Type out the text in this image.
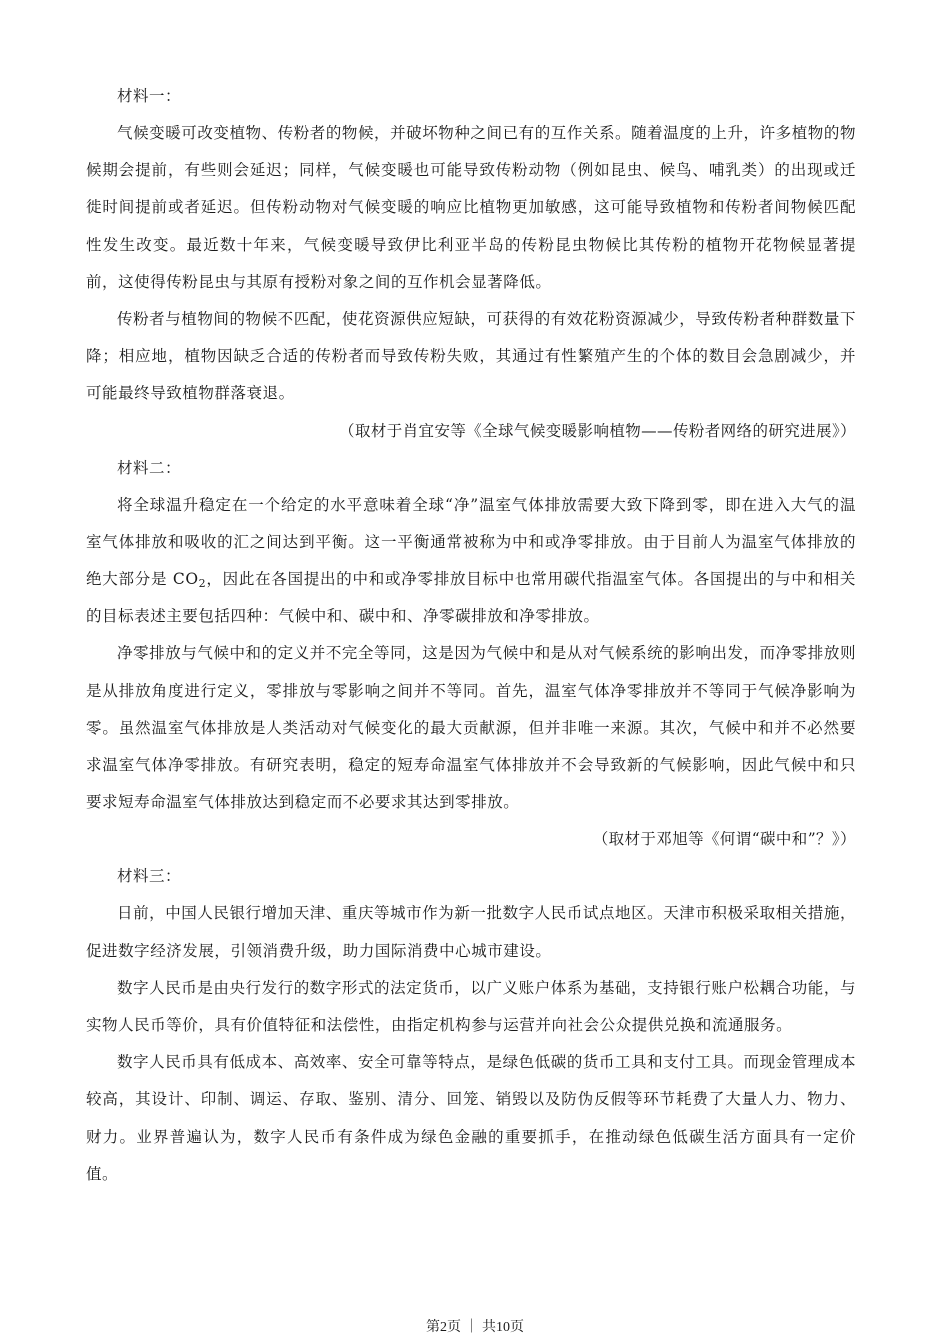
材料一：

气候变暖可改变植物、传粉者的物候，并破坏物种之间已有的互作关系。随着温度的上升，许多植物的物候期会提前，有些则会延迟；同样，气候变暖也可能导致传粉动物（例如昆虫、候鸟、哺乳类）的出现或迁徙时间提前或者延迟。但传粉动物对气候变暖的响应比植物更加敏感，这可能导致植物和传粉者间物候匹配性发生改变。最近数十年来，气候变暖导致伊比利亚半岛的传粉昆虫物候比其传粉的植物开花物候显著提前，这使得传粉昆虫与其原有授粉对象之间的互作机会显著降低。

传粉者与植物间的物候不匹配，使花资源供应短缺，可获得的有效花粉资源减少，导致传粉者种群数量下降；相应地，植物因缺乏合适的传粉者而导致传粉失败，其通过有性繁殖产生的个体的数目会急剧减少，并可能最终导致植物群落衰退。

（取材于肖宜安等《全球气候变暖影响植物——传粉者网络的研究进展》）

材料二：

将全球温升稳定在一个给定的水平意味着全球“净”温室气体排放需要大致下降到零，即在进入大气的温室气体排放和吸收的汇之间达到平衡。这一平衡通常被称为中和或净零排放。由于目前人为温室气体排放的绝大部分是 $CO_2$，因此在各国提出的中和或净零排放目标中也常用碳代指温室气体。各国提出的与中和相关的目标表述主要包括四种：气候中和、碳中和、净零碳排放和净零排放。

净零排放与气候中和的定义并不完全等同，这是因为气候中和是从对气候系统的影响出发，而净零排放则是从排放角度进行定义，零排放与零影响之间并不等同。首先，温室气体净零排放并不等同于气候净影响为零。虽然温室气体排放是人类活动对气候变化的最大贡献源，但并非唯一来源。其次，气候中和并不必然要求温室气体净零排放。有研究表明，稳定的短寿命温室气体排放并不会导致新的气候影响，因此气候中和只要求短寿命温室气体排放达到稳定而不必要求其达到零排放。

（取材于邓旭等《何谓“碳中和”？》）

材料三：

日前，中国人民银行增加天津、重庆等城市作为新一批数字人民币试点地区。天津市积极采取相关措施，促进数字经济发展，引领消费升级，助力国际消费中心城市建设。

数字人民币是由央行发行的数字形式的法定货币，以广义账户体系为基础，支持银行账户松耦合功能，与实物人民币等价，具有价值特征和法偿性，由指定机构参与运营并向社会公众提供兑换和流通服务。

数字人民币具有低成本、高效率、安全可靠等特点，是绿色低碳的货币工具和支付工具。而现金管理成本较高，其设计、印制、调运、存取、鉴别、清分、回笼、销毁以及防伪反假等环节耗费了大量人力、物力、财力。业界普遍认为，数字人民币有条件成为绿色金融的重要抓手，在推动绿色低碳生活方面具有一定价值。

第2页 ｜ 共10页
